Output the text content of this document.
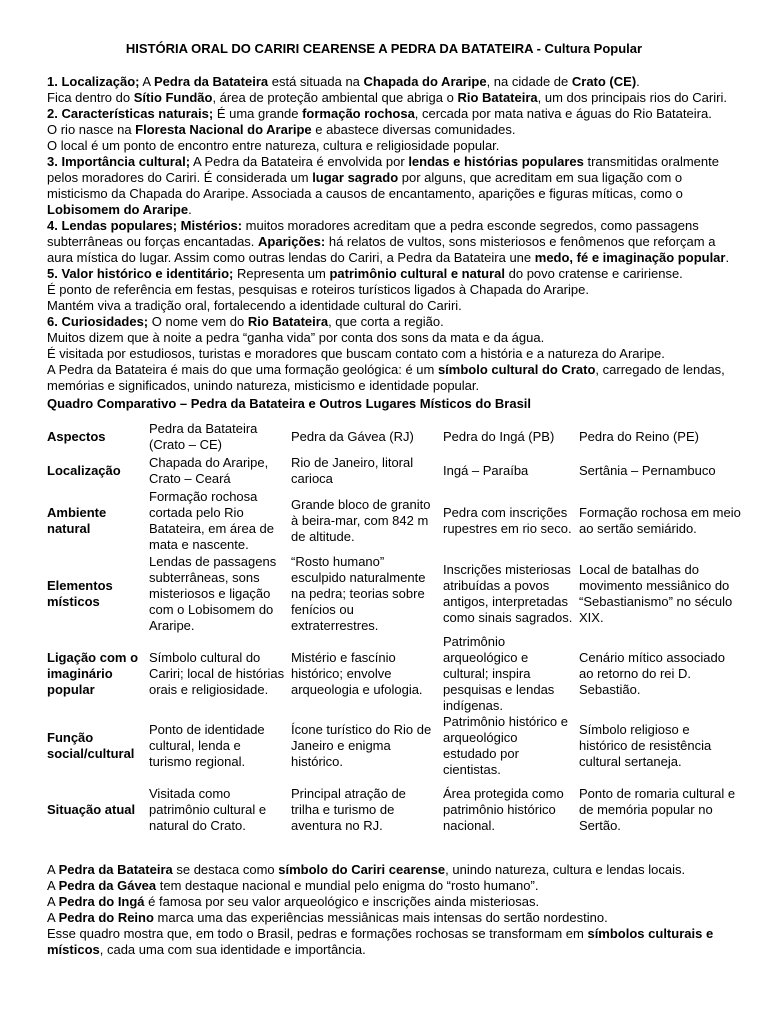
HISTÓRIA ORAL DO CARIRI CEARENSE A PEDRA DA BATATEIRA - Cultura Popular
1. Localização; A Pedra da Batateira está situada na Chapada do Araripe, na cidade de Crato (CE).
Fica dentro do Sítio Fundão, área de proteção ambiental que abriga o Rio Batateira, um dos principais rios do Cariri.
2. Características naturais; É uma grande formação rochosa, cercada por mata nativa e águas do Rio Batateira.
O rio nasce na Floresta Nacional do Araripe e abastece diversas comunidades.
O local é um ponto de encontro entre natureza, cultura e religiosidade popular.
3. Importância cultural; A Pedra da Batateira é envolvida por lendas e histórias populares transmitidas oralmente
pelos moradores do Cariri. É considerada um lugar sagrado por alguns, que acreditam em sua ligação com o
misticismo da Chapada do Araripe. Associada a causos de encantamento, aparições e figuras míticas, como o
Lobisomem do Araripe.
4. Lendas populares; Mistérios: muitos moradores acreditam que a pedra esconde segredos, como passagens
subterrâneas ou forças encantadas. Aparições: há relatos de vultos, sons misteriosos e fenômenos que reforçam a
aura mística do lugar. Assim como outras lendas do Cariri, a Pedra da Batateira une medo, fé e imaginação popular.
5. Valor histórico e identitário; Representa um patrimônio cultural e natural do povo cratense e caririense.
É ponto de referência em festas, pesquisas e roteiros turísticos ligados à Chapada do Araripe.
Mantém viva a tradição oral, fortalecendo a identidade cultural do Cariri.
6. Curiosidades; O nome vem do Rio Batateira, que corta a região.
Muitos dizem que à noite a pedra “ganha vida” por conta dos sons da mata e da água.
É visitada por estudiosos, turistas e moradores que buscam contato com a história e a natureza do Araripe.
A Pedra da Batateira é mais do que uma formação geológica: é um símbolo cultural do Crato, carregado de lendas,
memórias e significados, unindo natureza, misticismo e identidade popular.
Quadro Comparativo – Pedra da Batateira e Outros Lugares Místicos do Brasil
Aspectos	Pedra da Batateira (Crato – CE)	Pedra da Gávea (RJ)	Pedra do Ingá (PB)	Pedra do Reino (PE)
Localização	Chapada do Araripe, Crato – Ceará	Rio de Janeiro, litoral carioca	Ingá – Paraíba	Sertânia – Pernambuco
Ambiente natural	Formação rochosa cortada pelo Rio Batateira, em área de mata e nascente.	Grande bloco de granito à beira-mar, com 842 m de altitude.	Pedra com inscrições rupestres em rio seco.	Formação rochosa em meio ao sertão semiárido.
Elementos místicos	Lendas de passagens subterrâneas, sons misteriosos e ligação com o Lobisomem do Araripe.	“Rosto humano” esculpido naturalmente na pedra; teorias sobre fenícios ou extraterrestres.	Inscrições misteriosas atribuídas a povos antigos, interpretadas como sinais sagrados.	Local de batalhas do movimento messiânico do “Sebastianismo” no século XIX.
Ligação com o imaginário popular	Símbolo cultural do Cariri; local de histórias orais e religiosidade.	Mistério e fascínio histórico; envolve arqueologia e ufologia.	Patrimônio arqueológico e cultural; inspira pesquisas e lendas indígenas.	Cenário mítico associado ao retorno do rei D. Sebastião.
Função social/cultural	Ponto de identidade cultural, lenda e turismo regional.	Ícone turístico do Rio de Janeiro e enigma histórico.	Patrimônio histórico e arqueológico estudado por cientistas.	Símbolo religioso e histórico de resistência cultural sertaneja.
Situação atual	Visitada como patrimônio cultural e natural do Crato.	Principal atração de trilha e turismo de aventura no RJ.	Área protegida como patrimônio histórico nacional.	Ponto de romaria cultural e de memória popular no Sertão.
A Pedra da Batateira se destaca como símbolo do Cariri cearense, unindo natureza, cultura e lendas locais.
A Pedra da Gávea tem destaque nacional e mundial pelo enigma do “rosto humano”.
A Pedra do Ingá é famosa por seu valor arqueológico e inscrições ainda misteriosas.
A Pedra do Reino marca uma das experiências messiânicas mais intensas do sertão nordestino.
Esse quadro mostra que, em todo o Brasil, pedras e formações rochosas se transformam em símbolos culturais e
místicos, cada uma com sua identidade e importância.
